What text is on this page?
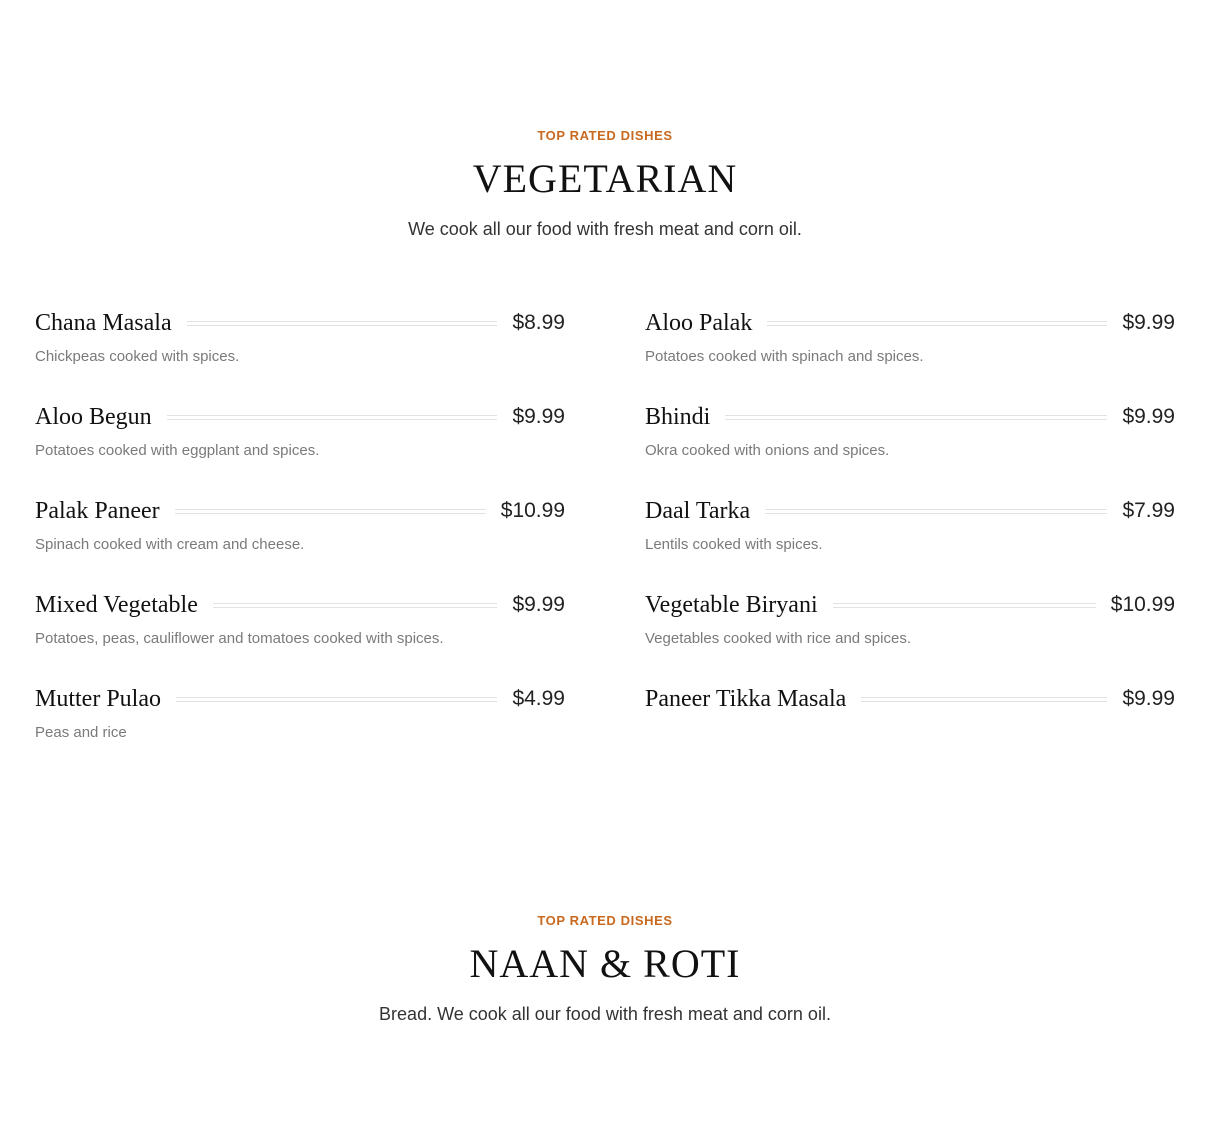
TOP RATED DISHES

VEGETARIAN

We cook all our food with fresh meat and corn oil.

Chana Masala	$8.99
Chickpeas cooked with spices.
Aloo Palak	$9.99
Potatoes cooked with spinach and spices.
Aloo Begun	$9.99
Potatoes cooked with eggplant and spices.
Bhindi	$9.99
Okra cooked with onions and spices.
Palak Paneer	$10.99
Spinach cooked with cream and cheese.
Daal Tarka	$7.99
Lentils cooked with spices.
Mixed Vegetable	$9.99
Potatoes, peas, cauliflower and tomatoes cooked with spices.
Vegetable Biryani	$10.99
Vegetables cooked with rice and spices.
Mutter Pulao	$4.99
Peas and rice
Paneer Tikka Masala	$9.99

TOP RATED DISHES

NAAN & ROTI

Bread. We cook all our food with fresh meat and corn oil.
